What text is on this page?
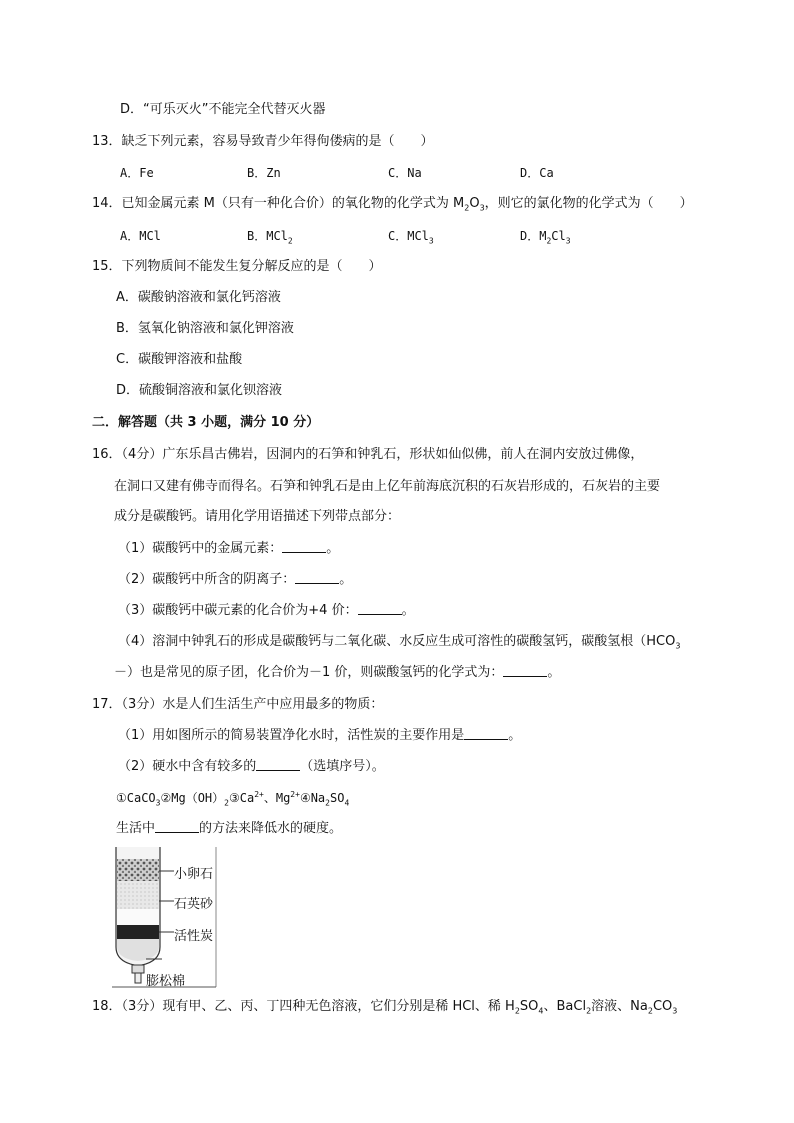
D．“可乐灭火”不能完全代替灭火器
13．缺乏下列元素，容易导致青少年得佝偻病的是（　　）
A．Fe	B．Zn	C．Na	D．Ca
14．已知金属元素 M（只有一种化合价）的氧化物的化学式为 $M_2O_3$，则它的氯化物的化学式为（　　）
A．MCl	B．MCl$_2$	C．MCl$_3$	D．$M_2Cl_3$
15．下列物质间不能发生复分解反应的是（　　）
A．碳酸钠溶液和氯化钙溶液
B．氢氧化钠溶液和氯化钾溶液
C．碳酸钾溶液和盐酸
D．硫酸铜溶液和氯化钡溶液
二．解答题（共 3 小题，满分 10 分）
16．（4分）广东乐昌古佛岩，因洞内的石笋和钟乳石，形状如仙似佛，前人在洞内安放过佛像，
在洞口又建有佛寺而得名。石笋和钟乳石是由上亿年前海底沉积的石灰岩形成的，石灰岩的主要
成分是碳酸钙。请用化学用语描述下列带点部分：
（1）碳酸钙中的金属元素：	。
（2）碳酸钙中所含的阴离子：	。
（3）碳酸钙中碳元素的化合价为+4 价：	。
（4）溶洞中钟乳石的形成是碳酸钙与二氧化碳、水反应生成可溶性的碳酸氢钙，碳酸氢根（$HCO_3$
－）也是常见的原子团，化合价为－1 价，则碳酸氢钙的化学式为：	。
17．（3分）水是人们生活生产中应用最多的物质：
（1）用如图所示的简易装置净化水时，活性炭的主要作用是	。
（2）硬水中含有较多的	（选填序号）。
$①CaCO_3②Mg(OH)_2③Ca^{2+}$、$Mg^{2+}④Na_2SO_4$
生活中	的方法来降低水的硬度。
小卵石
石英砂
活性炭
膨松棉
18．（3分）现有甲、乙、丙、丁四种无色溶液，它们分别是稀 HCl、稀 $H_2SO_4$、BaCl$_2$溶液、$Na_2CO_3$
